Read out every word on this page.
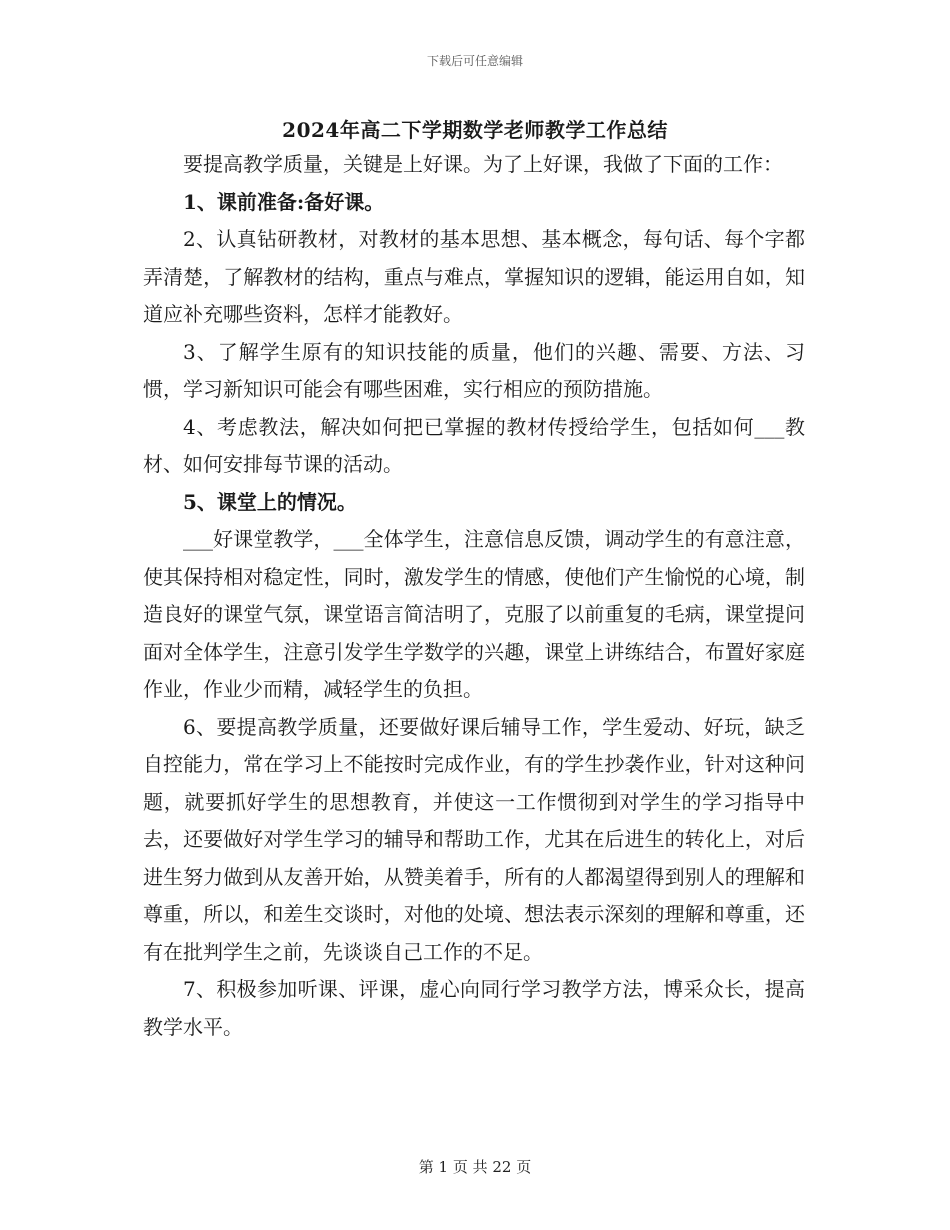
下载后可任意编辑
2024年高二下学期数学老师教学工作总结

要提高教学质量，关键是上好课。为了上好课，我做了下面的工作：

1、课前准备:备好课。

2、认真钻研教材，对教材的基本思想、基本概念，每句话、每个字都弄清楚，了解教材的结构，重点与难点，掌握知识的逻辑，能运用自如，知道应补充哪些资料，怎样才能教好。

3、了解学生原有的知识技能的质量，他们的兴趣、需要、方法、习惯，学习新知识可能会有哪些困难，实行相应的预防措施。

4、考虑教法，解决如何把已掌握的教材传授给学生，包括如何___教材、如何安排每节课的活动。

5、课堂上的情况。

___好课堂教学，___全体学生，注意信息反馈，调动学生的有意注意，使其保持相对稳定性，同时，激发学生的情感，使他们产生愉悦的心境，制造良好的课堂气氛，课堂语言简洁明了，克服了以前重复的毛病，课堂提问面对全体学生，注意引发学生学数学的兴趣，课堂上讲练结合，布置好家庭作业，作业少而精，减轻学生的负担。

6、要提高教学质量，还要做好课后辅导工作，学生爱动、好玩，缺乏自控能力，常在学习上不能按时完成作业，有的学生抄袭作业，针对这种问题，就要抓好学生的思想教育，并使这一工作惯彻到对学生的学习指导中去，还要做好对学生学习的辅导和帮助工作，尤其在后进生的转化上，对后进生努力做到从友善开始，从赞美着手，所有的人都渴望得到别人的理解和尊重，所以，和差生交谈时，对他的处境、想法表示深刻的理解和尊重，还有在批判学生之前，先谈谈自己工作的不足。

7、积极参加听课、评课，虚心向同行学习教学方法，博采众长，提高教学水平。

第 1 页 共 22 页
